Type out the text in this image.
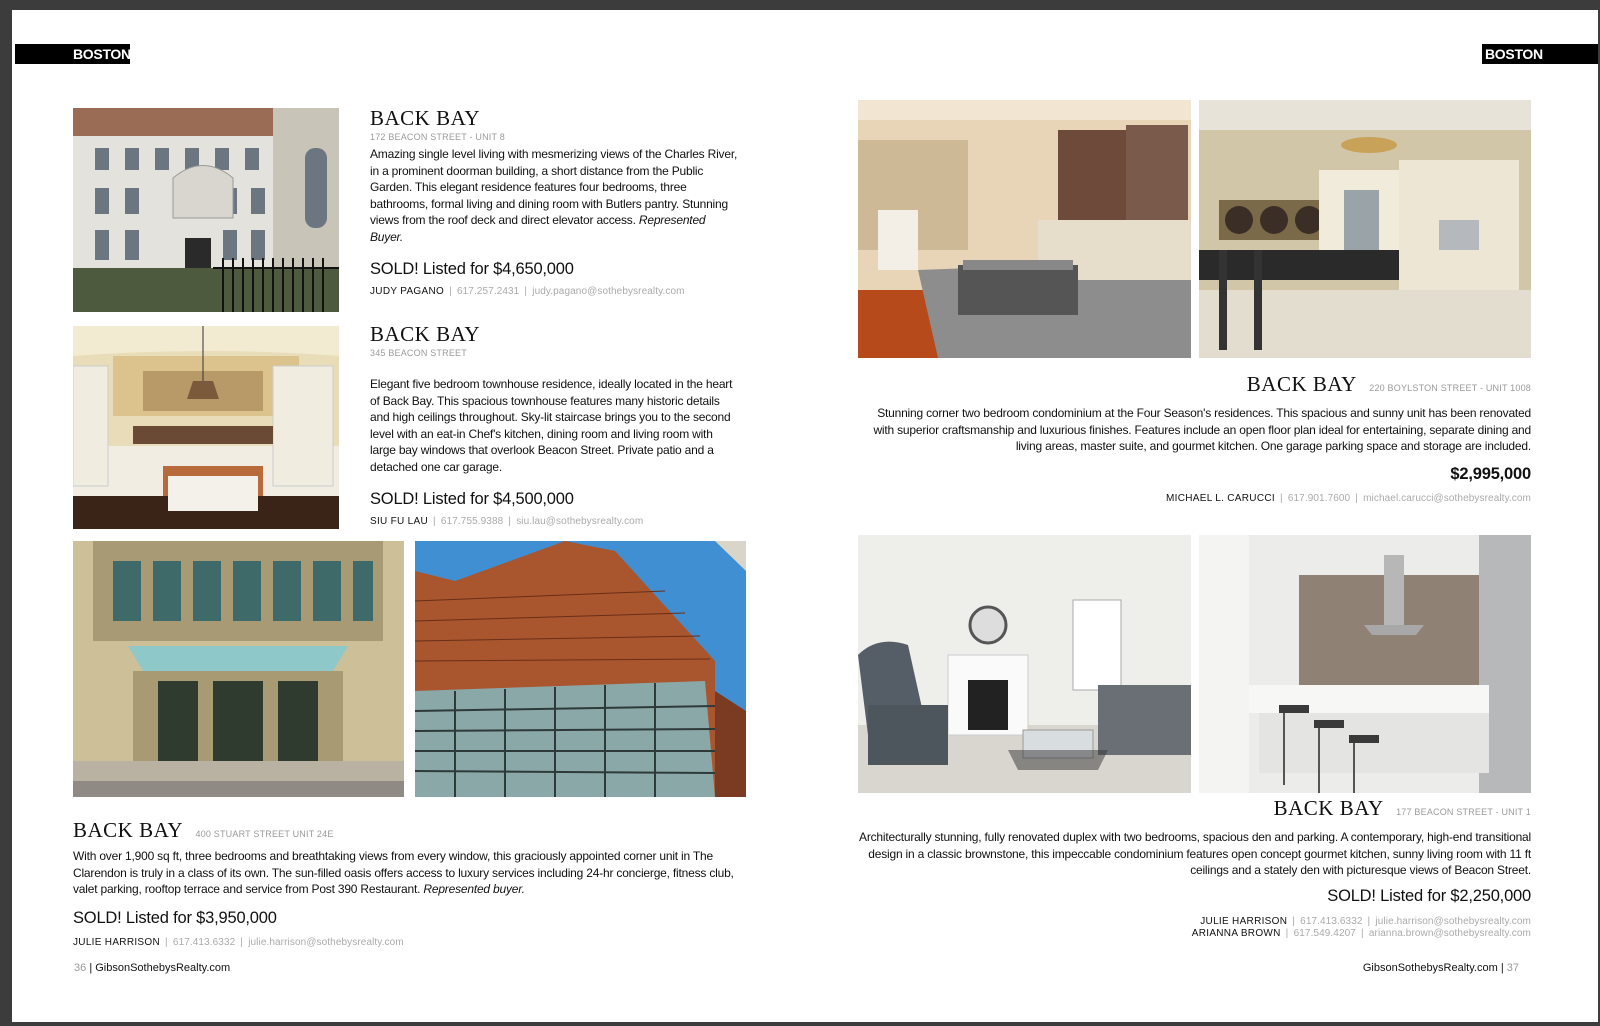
BOSTON	BOSTON
BACK BAY
172 BEACON STREET - UNIT 8
Amazing single level living with mesmerizing views of the Charles River, in a prominent doorman building, a short distance from the Public Garden. This elegant residence features four bedrooms, three bathrooms, formal living and dining room with Butlers pantry. Stunning views from the roof deck and direct elevator access. Represented Buyer.
SOLD! Listed for $4,650,000
JUDY PAGANO | 617.257.2431 | judy.pagano@sothebysrealty.com
BACK BAY
345 BEACON STREET
Elegant five bedroom townhouse residence, ideally located in the heart of Back Bay. This spacious townhouse features many historic details and high ceilings throughout. Sky-lit staircase brings you to the second level with an eat-in Chef's kitchen, dining room and living room with large bay windows that overlook Beacon Street. Private patio and a detached one car garage.
SOLD! Listed for $4,500,000
SIU FU LAU | 617.755.9388 | siu.lau@sothebysrealty.com
BACK BAY 400 STUART STREET UNIT 24E
With over 1,900 sq ft, three bedrooms and breathtaking views from every window, this graciously appointed corner unit in The Clarendon is truly in a class of its own. The sun-filled oasis offers access to luxury services including 24-hr concierge, fitness club, valet parking, rooftop terrace and service from Post 390 Restaurant. Represented buyer.
SOLD! Listed for $3,950,000
JULIE HARRISON | 617.413.6332 | julie.harrison@sothebysrealty.com
BACK BAY 220 BOYLSTON STREET - UNIT 1008
Stunning corner two bedroom condominium at the Four Season's residences. This spacious and sunny unit has been renovated with superior craftsmanship and luxurious finishes. Features include an open floor plan ideal for entertaining, separate dining and living areas, master suite, and gourmet kitchen. One garage parking space and storage are included.
$2,995,000
MICHAEL L. CARUCCI | 617.901.7600 | michael.carucci@sothebysrealty.com
BACK BAY 177 BEACON STREET - UNIT 1
Architecturally stunning, fully renovated duplex with two bedrooms, spacious den and parking. A contemporary, high-end transitional design in a classic brownstone, this impeccable condominium features open concept gourmet kitchen, sunny living room with 11 ft ceilings and a stately den with picturesque views of Beacon Street.
SOLD! Listed for $2,250,000
JULIE HARRISON | 617.413.6332 | julie.harrison@sothebysrealty.com
ARIANNA BROWN | 617.549.4207 | arianna.brown@sothebysrealty.com
36 | GibsonSothebysRealty.com	GibsonSothebysRealty.com | 37
